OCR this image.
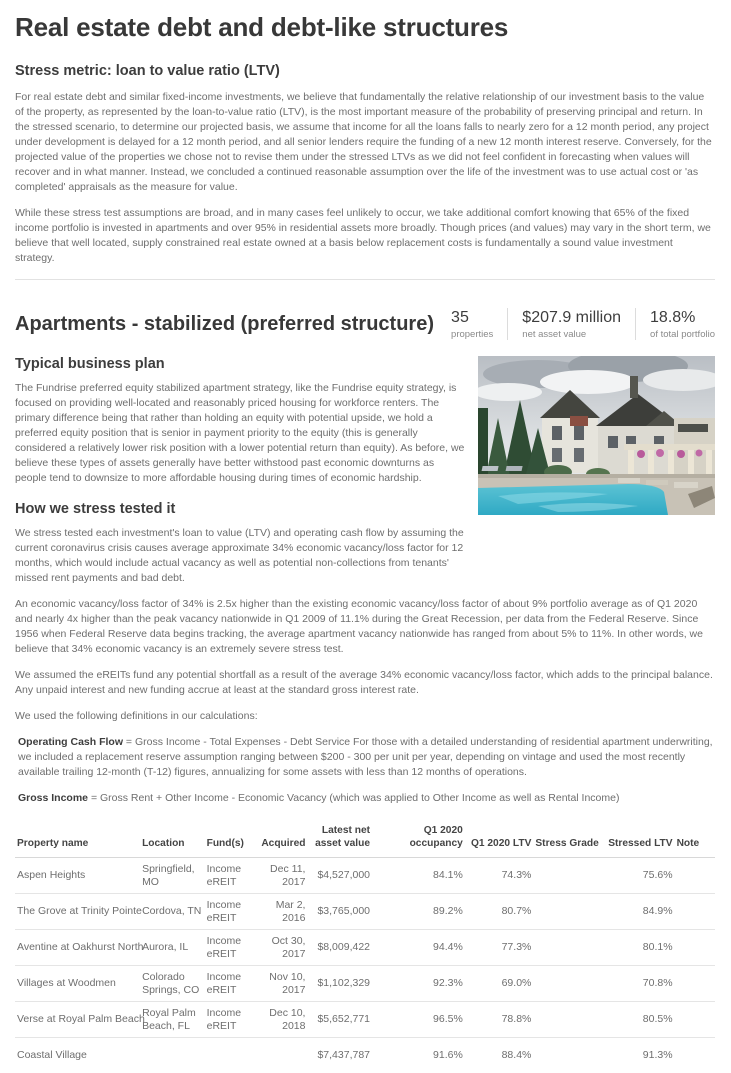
Real estate debt and debt-like structures
Stress metric: loan to value ratio (LTV)

For real estate debt and similar fixed-income investments, we believe that fundamentally the relative relationship of our investment basis to the value of the property, as represented by the loan-to-value ratio (LTV), is the most important measure of the probability of preserving principal and return. In the stressed scenario, to determine our projected basis, we assume that income for all the loans falls to nearly zero for a 12 month period, any project under development is delayed for a 12 month period, and all senior lenders require the funding of a new 12 month interest reserve. Conversely, for the projected value of the properties we chose not to revise them under the stressed LTVs as we did not feel confident in forecasting when values will recover and in what manner. Instead, we concluded a continued reasonable assumption over the life of the investment was to use actual cost or 'as completed' appraisals as the measure for value.

While these stress test assumptions are broad, and in many cases feel unlikely to occur, we take additional comfort knowing that 65% of the fixed income portfolio is invested in apartments and over 95% in residential assets more broadly. Though prices (and values) may vary in the short term, we believe that well located, supply constrained real estate owned at a basis below replacement costs is fundamentally a sound value investment strategy.

Apartments - stabilized (preferred structure) 35
properties
$207.9 million
net asset value
18.8%
of total portfolio
Typical business plan

The Fundrise preferred equity stabilized apartment strategy, like the Fundrise equity strategy, is focused on providing well-located and reasonably priced housing for workforce renters. The primary difference being that rather than holding an equity with potential upside, we hold a preferred equity position that is senior in payment priority to the equity (this is generally considered a relatively lower risk position with a lower potential return than equity). As before, we believe these types of assets generally have better withstood past economic downturns as people tend to downsize to more affordable housing during times of economic hardship.

How we stress tested it

We stress tested each investment's loan to value (LTV) and operating cash flow by assuming the current coronavirus crisis causes average approximate 34% economic vacancy/loss factor for 12 months, which would include actual vacancy as well as potential non-collections from tenants' missed rent payments and bad debt.

An economic vacancy/loss factor of 34% is 2.5x higher than the existing economic vacancy/loss factor of about 9% portfolio average as of Q1 2020 and nearly 4x higher than the peak vacancy nationwide in Q1 2009 of 11.1% during the Great Recession, per data from the Federal Reserve. Since 1956 when Federal Reserve data begins tracking, the average apartment vacancy nationwide has ranged from about 5% to 11%. In other words, we believe that 34% economic vacancy is an extremely severe stress test.

We assumed the eREITs fund any potential shortfall as a result of the average 34% economic vacancy/loss factor, which adds to the principal balance. Any unpaid interest and new funding accrue at least at the standard gross interest rate.

We used the following definitions in our calculations:

Operating Cash Flow = Gross Income - Total Expenses - Debt Service For those with a detailed understanding of residential apartment underwriting, we included a replacement reserve assumption ranging between $200 - 300 per unit per year, depending on vintage and used the most recently available trailing 12-month (T-12) figures, annualizing for some assets with less than 12 months of operations.

Gross Income = Gross Rent + Other Income - Economic Vacancy (which was applied to Other Income as well as Rental Income)

Property name	Location	Fund(s)	Acquired	Latest net asset value	Q1 2020 occupancy	Q1 2020 LTV	Stress Grade	Stressed LTV	Note
Aspen Heights	Springfield, MO	Income eREIT	Dec 11, 2017	$4,527,000	84.1%	74.3%		75.6%	
The Grove at Trinity Pointe	Cordova, TN	Income eREIT	Mar 2, 2016	$3,765,000	89.2%	80.7%		84.9%	
Aventine at Oakhurst North	Aurora, IL	Income eREIT	Oct 30, 2017	$8,009,422	94.4%	77.3%		80.1%	
Villages at Woodmen	Colorado Springs, CO	Income eREIT	Nov 10, 2017	$1,102,329	92.3%	69.0%		70.8%	
Verse at Royal Palm Beach	Royal Palm Beach, FL	Income eREIT	Dec 10, 2018	$5,652,771	96.5%	78.8%		80.5%	
Coastal Village				$7,437,787	91.6%	88.4%		91.3%	
